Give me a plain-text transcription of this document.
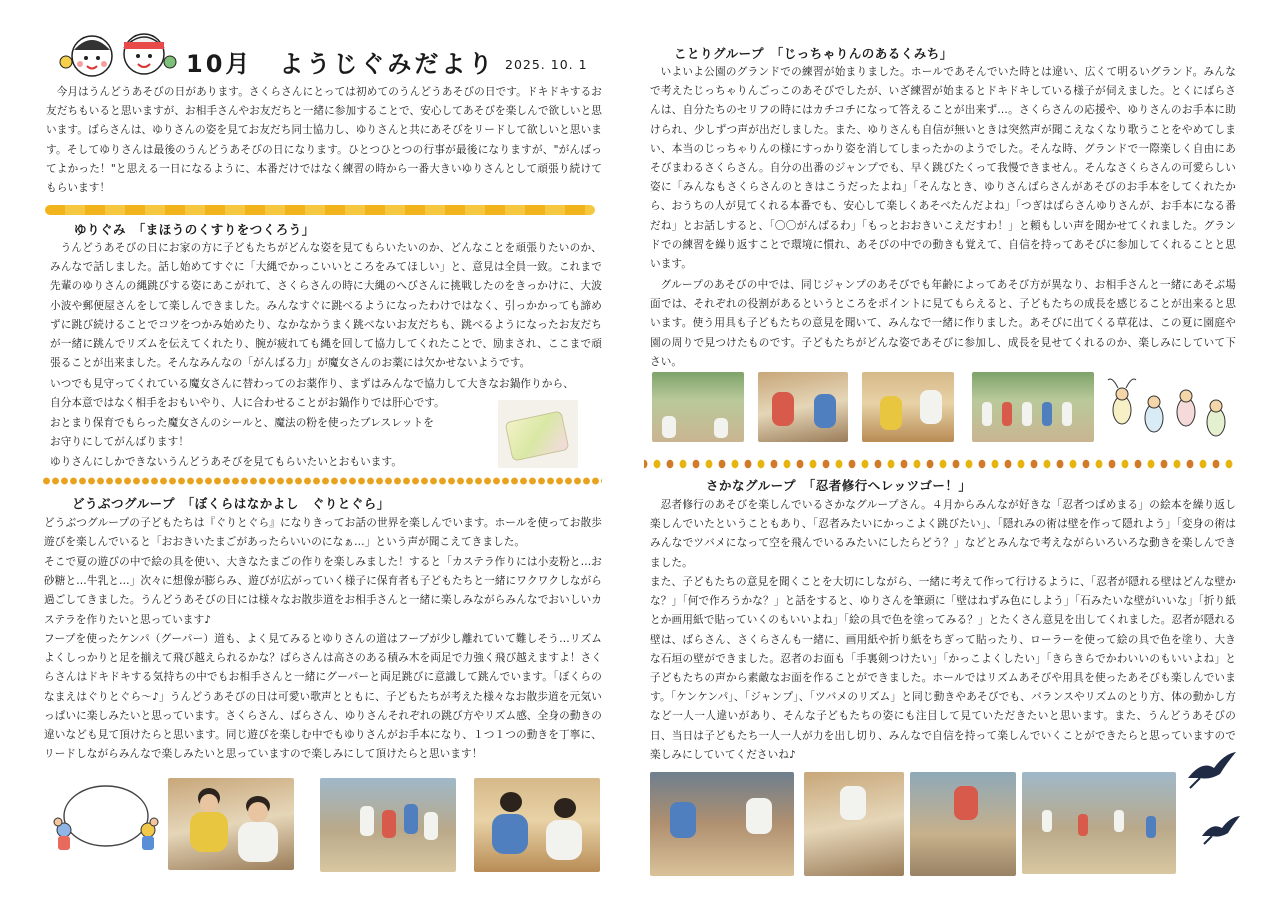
10月　ようじぐみだより 2025. 10. 1

今月はうんどうあそびの日があります。さくらさんにとっては初めてのうんどうあそびの日です。ドキドキするお友だちもいると思いますが、お相手さんやお友だちと一緒に参加することで、安心してあそびを楽しんで欲しいと思います。ばらさんは、ゆりさんの姿を見てお友だち同士協力し、ゆりさんと共にあそびをリードして欲しいと思います。そしてゆりさんは最後のうんどうあそびの日になります。ひとつひとつの行事が最後になりますが、"がんばってよかった！"と思える一日になるように、本番だけではなく練習の時から一番大きいゆりさんとして頑張り続けてもらいます！

ゆりぐみ　「まほうのくすりをつくろう」

うんどうあそびの日にお家の方に子どもたちがどんな姿を見てもらいたいのか、どんなことを頑張りたいのか、みんなで話しました。話し始めてすぐに「大縄でかっこいいところをみてほしい」と、意見は全員一致。これまで先輩のゆりさんの縄跳びする姿にあこがれて、さくらさんの時に大縄のへびさんに挑戦したのをきっかけに、大波小波や郵便屋さんをして楽しんできました。みんなすぐに跳べるようになったわけではなく、引っかかっても諦めずに跳び続けることでコツをつかみ始めたり、なかなかうまく跳べないお友だちも、跳べるようになったお友だちが一緒に跳んでリズムを伝えてくれたり、腕が疲れても縄を回して協力してくれたことで、励まされ、ここまで頑張ることが出来ました。そんなみんなの「がんばる力」が魔女さんのお薬には欠かせないようです。

いつでも見守ってくれている魔女さんに替わってのお薬作り、まずはみんなで協力して大きなお鍋作りから、
自分本意ではなく相手をおもいやり、人に合わせることがお鍋作りでは肝心です。
おとまり保育でもらった魔女さんのシールと、魔法の粉を使ったブレスレットを
お守りにしてがんばります！
ゆりさんにしかできないうんどうあそびを見てもらいたいとおもいます。
どうぶつグループ　「ぼくらはなかよし　ぐりとぐら」

どうぶつグループの子どもたちは『ぐりとぐら』になりきってお話の世界を楽しんでいます。ホールを使ってお散歩遊びを楽しんでいると「おおきいたまごがあったらいいのになぁ…」という声が聞こえてきました。

そこで夏の遊びの中で絵の具を使い、大きなたまごの作りを楽しみました！すると「カステラ作りには小麦粉と…お砂糖と…牛乳と…」次々に想像が膨らみ、遊びが広がっていく様子に保育者も子どもたちと一緒にワクワクしながら過ごしてきました。うんどうあそびの日には様々なお散歩道をお相手さんと一緒に楽しみながらみんなでおいしいカステラを作りたいと思っています♪

フープを使ったケンパ（グーパー）道も、よく見てみるとゆりさんの道はフープが少し離れていて難しそう…リズムよくしっかりと足を揃えて飛び越えられるかな？ばらさんは高さのある積み木を両足で力強く飛び越えますよ！さくらさんはドキドキする気持ちの中でもお相手さんと一緒にグーパーと両足跳びに意識して跳んでいます。「ぼくらのなまえはぐりとぐら～♪」うんどうあそびの日は可愛い歌声とともに、子どもたちが考えた様々なお散歩道を元気いっぱいに楽しみたいと思っています。さくらさん、ばらさん、ゆりさんそれぞれの跳び方やリズム感、全身の動きの違いなども見て頂けたらと思います。同じ遊びを楽しむ中でもゆりさんがお手本になり、１つ１つの動きを丁寧に、リードしながらみんなで楽しみたいと思っていますので楽しみにして頂けたらと思います！

ことりグループ　「じっちゃりんのあるくみち」

いよいよ公園のグランドでの練習が始まりました。ホールであそんでいた時とは違い、広くて明るいグランド。みんなで考えたじっちゃりんごっこのあそびでしたが、いざ練習が始まるとドキドキしている様子が伺えました。とくにばらさんは、自分たちのセリフの時にはカチコチになって答えることが出来ず…。さくらさんの応援や、ゆりさんのお手本に助けられ、少しずつ声が出だしました。また、ゆりさんも自信が無いときは突然声が聞こえなくなり歌うことをやめてしまい、本当のじっちゃりんの様にすっかり姿を消してしまったかのようでした。そんな時、グランドで一際楽しく自由にあそびまわるさくらさん。自分の出番のジャンプでも、早く跳びたくって我慢できません。そんなさくらさんの可愛らしい姿に「みんなもさくらさんのときはこうだったよね」「そんなとき、ゆりさんばらさんがあそびのお手本をしてくれたから、おうちの人が見てくれる本番でも、安心して楽しくあそべたんだよね」「つぎはばらさんゆりさんが、お手本になる番だね」とお話しすると、「〇〇がんばるわ」「もっとおおきいこえだすわ！」と頼もしい声を聞かせてくれました。グランドでの練習を繰り返すことで環境に慣れ、あそびの中での動きも覚えて、自信を持ってあそびに参加してくれることと思います。

グループのあそびの中では、同じジャンプのあそびでも年齢によってあそび方が異なり、お相手さんと一緒にあそぶ場面では、それぞれの役割があるというところをポイントに見てもらえると、子どもたちの成長を感じることが出来ると思います。使う用具も子どもたちの意見を聞いて、みんなで一緒に作りました。あそびに出てくる草花は、この夏に園庭や園の周りで見つけたものです。子どもたちがどんな姿であそびに参加し、成長を見せてくれるのか、楽しみにしていて下さい。

さかなグループ　「忍者修行へレッツゴー！」

忍者修行のあそびを楽しんでいるさかなグループさん。４月からみんなが好きな「忍者つばめまる」の絵本を繰り返し楽しんでいたということもあり、「忍者みたいにかっこよく跳びたい」、「隠れみの術は壁を作って隠れよう」「変身の術はみんなでツバメになって空を飛んでいるみたいにしたらどう？」などとみんなで考えながらいろいろな動きを楽しんできました。

また、子どもたちの意見を聞くことを大切にしながら、一緒に考えて作って行けるように、「忍者が隠れる壁はどんな壁かな？」「何で作ろうかな？」と話をすると、ゆりさんを筆頭に「壁はねずみ色にしよう」「石みたいな壁がいいな」「折り紙とか画用紙で貼っていくのもいいよね」「絵の具で色を塗ってみる？」とたくさん意見を出してくれました。忍者が隠れる壁は、ばらさん、さくらさんも一緒に、画用紙や折り紙をちぎって貼ったり、ローラーを使って絵の具で色を塗り、大きな石垣の壁ができました。忍者のお面も「手裏剣つけたい」「かっこよくしたい」「きらきらでかわいいのもいいよね」と子どもたちの声から素敵なお面を作ることができました。ホールではリズムあそびや用具を使ったあそびも楽しんでいます。「ケンケンパ」、「ジャンプ」、「ツバメのリズム」と同じ動きやあそびでも、バランスやリズムのとり方、体の動かし方など一人一人違いがあり、そんな子どもたちの姿にも注目して見ていただきたいと思います。また、うんどうあそびの日、当日は子どもたち一人一人が力を出し切り、みんなで自信を持って楽しんでいくことができたらと思っていますので楽しみにしていてくださいね♪
